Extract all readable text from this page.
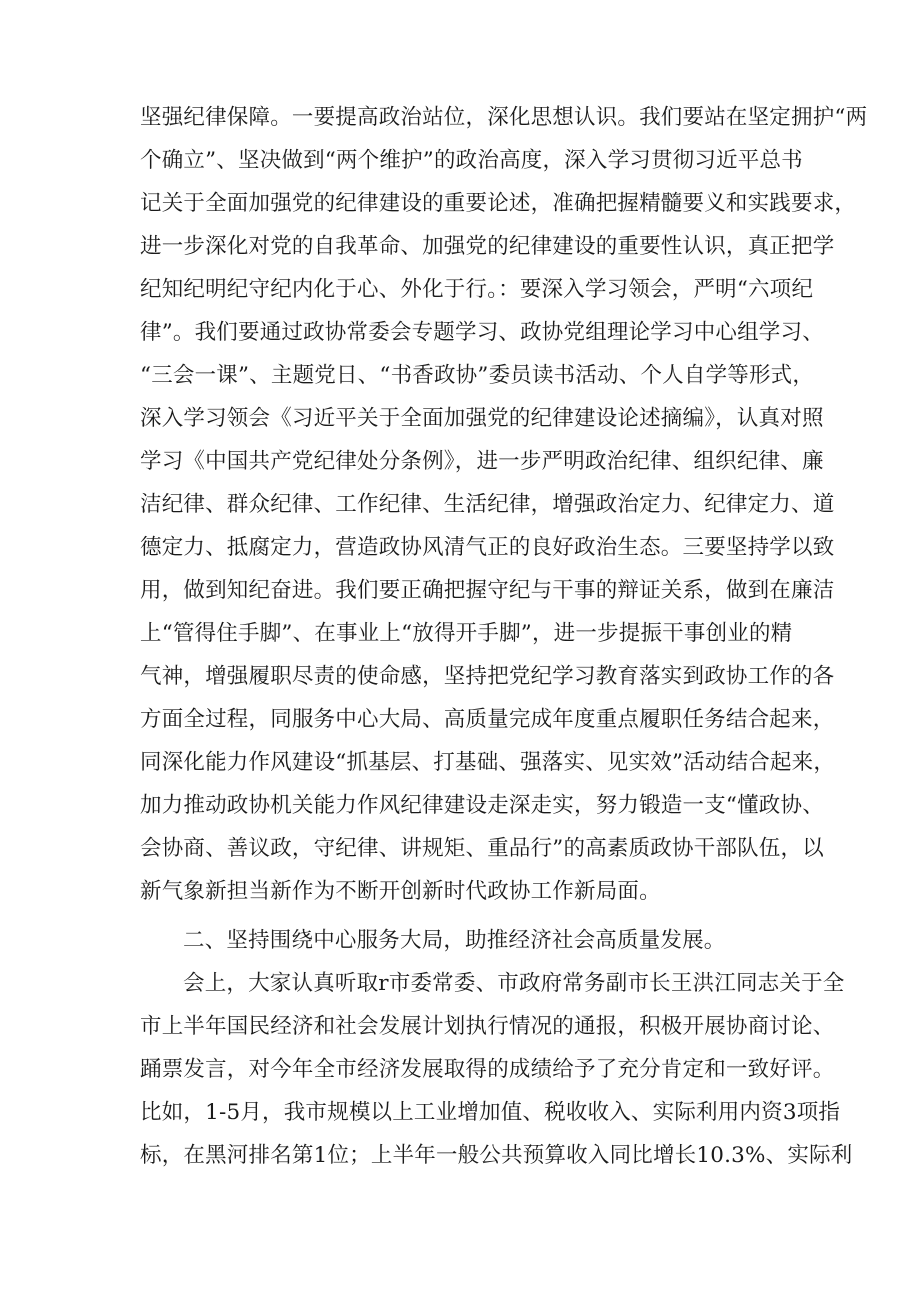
坚强纪律保障。一要提高政治站位，深化思想认识。我们要站在坚定拥护“两
个确立”、坚决做到“两个维护”的政治高度，深入学习贯彻习近平总书
记关于全面加强党的纪律建设的重要论述，准确把握精髓要义和实践要求，
进一步深化对党的自我革命、加强党的纪律建设的重要性认识，真正把学
纪知纪明纪守纪内化于心、外化于行。：要深入学习领会，严明“六项纪
律”。我们要通过政协常委会专题学习、政协党组理论学习中心组学习、
“三会一课”、主题党日、“书香政协”委员读书活动、个人自学等形式，
深入学习领会《习近平关于全面加强党的纪律建设论述摘编》，认真对照
学习《中国共产党纪律处分条例》，进一步严明政治纪律、组织纪律、廉
洁纪律、群众纪律、工作纪律、生活纪律，增强政治定力、纪律定力、道
德定力、抵腐定力，营造政协风清气正的良好政治生态。三要坚持学以致
用，做到知纪奋进。我们要正确把握守纪与干事的辩证关系，做到在廉洁
上“管得住手脚”、在事业上“放得开手脚”，进一步提振干事创业的精
气神，增强履职尽责的使命感，坚持把党纪学习教育落实到政协工作的各
方面全过程，同服务中心大局、高质量完成年度重点履职任务结合起来，
同深化能力作风建设“抓基层、打基础、强落实、见实效”活动结合起来，
加力推动政协机关能力作风纪律建设走深走实，努力锻造一支“懂政协、
会协商、善议政，守纪律、讲规矩、重品行”的高素质政协干部队伍，以
新气象新担当新作为不断开创新时代政协工作新局面。
二、坚持围绕中心服务大局，助推经济社会高质量发展。
会上，大家认真听取r市委常委、市政府常务副市长王洪江同志关于全
市上半年国民经济和社会发展计划执行情况的通报，积极开展协商讨论、
踊票发言，对今年全市经济发展取得的成绩给予了充分肯定和一致好评。
比如，1-5月，我市规模以上工业增加值、税收收入、实际利用内资3项指
标，在黑河排名第1位；上半年一般公共预算收入同比增长10.3%、实际利
